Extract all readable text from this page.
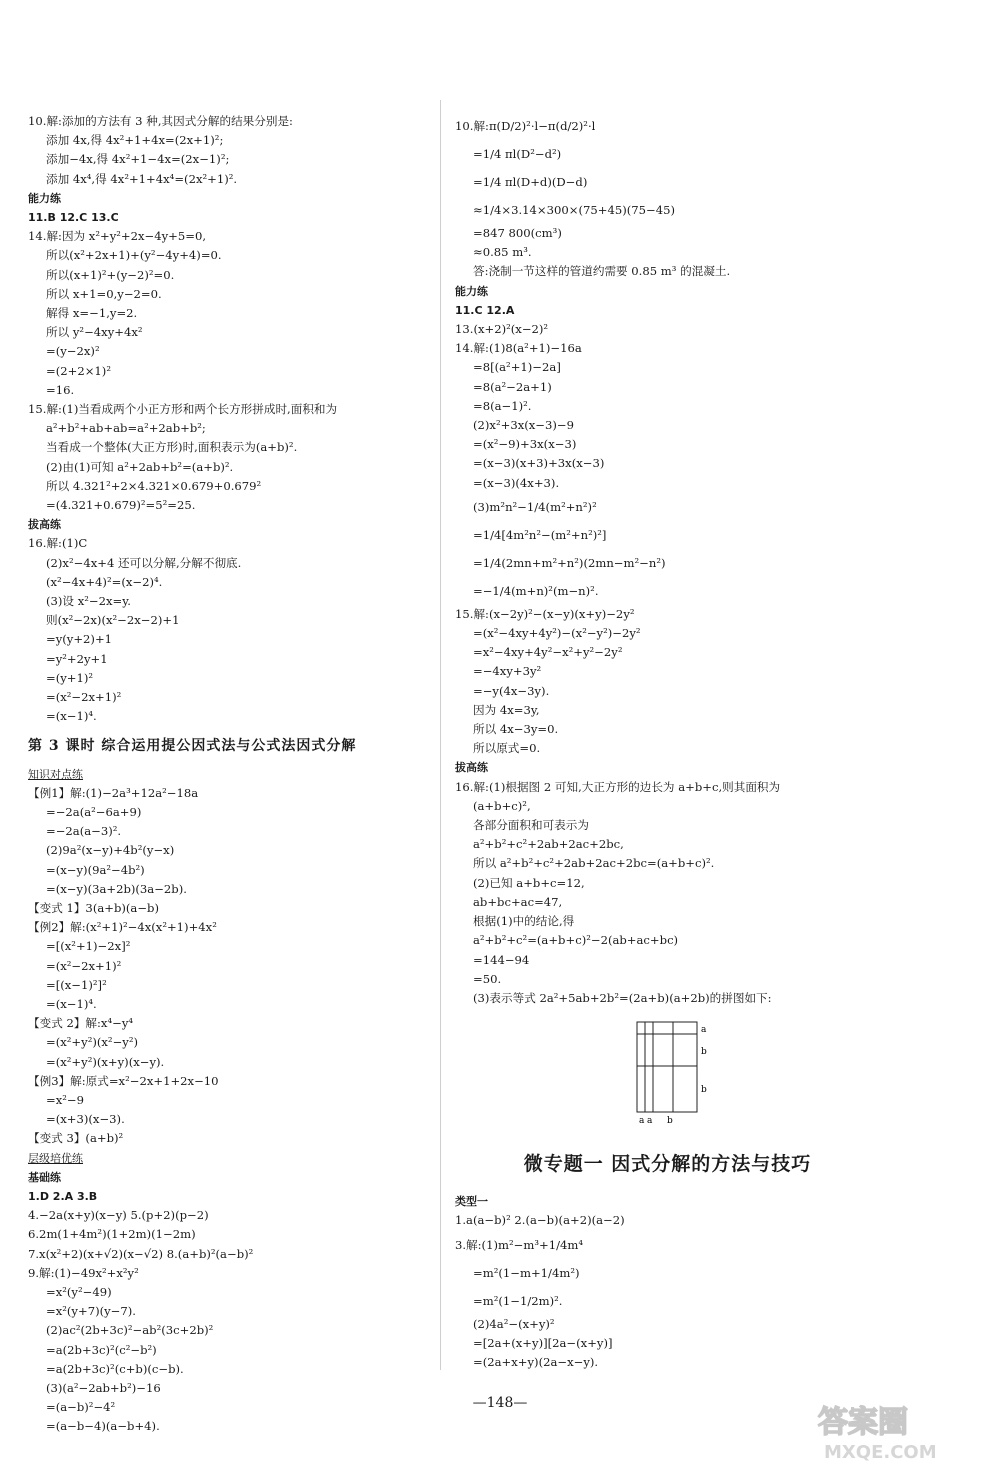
10.解:添加的方法有 3 种,其因式分解的结果分别是:
添加 4x,得 4x²+1+4x=(2x+1)²;
添加−4x,得 4x²+1−4x=(2x−1)²;
添加 4x⁴,得 4x²+1+4x⁴=(2x²+1)².
能力练
11.B 12.C 13.C
14.解:因为 x²+y²+2x−4y+5=0,
所以(x²+2x+1)+(y²−4y+4)=0.
所以(x+1)²+(y−2)²=0.
所以 x+1=0,y−2=0.
解得 x=−1,y=2.
所以 y²−4xy+4x²
=(y−2x)²
=(2+2×1)²
=16.
15.解:(1)当看成两个小正方形和两个长方形拼成时,面积和为
a²+b²+ab+ab=a²+2ab+b²;
当看成一个整体(大正方形)时,面积表示为(a+b)².
(2)由(1)可知 a²+2ab+b²=(a+b)².
所以 4.321²+2×4.321×0.679+0.679²
=(4.321+0.679)²=5²=25.
拔高练
16.解:(1)C
(2)x²−4x+4 还可以分解,分解不彻底.
(x²−4x+4)²=(x−2)⁴.
(3)设 x²−2x=y.
则(x²−2x)(x²−2x−2)+1
=y(y+2)+1
=y²+2y+1
=(y+1)²
=(x²−2x+1)²
=(x−1)⁴.
第 3 课时 综合运用提公因式法与公式法因式分解
知识对点练
【例1】解:(1)−2a³+12a²−18a
=−2a(a²−6a+9)
=−2a(a−3)².
(2)9a²(x−y)+4b²(y−x)
=(x−y)(9a²−4b²)
=(x−y)(3a+2b)(3a−2b).
【变式 1】3(a+b)(a−b)
【例2】解:(x²+1)²−4x(x²+1)+4x²
=[(x²+1)−2x]²
=(x²−2x+1)²
=[(x−1)²]²
=(x−1)⁴.
【变式 2】解:x⁴−y⁴
=(x²+y²)(x²−y²)
=(x²+y²)(x+y)(x−y).
【例3】解:原式=x²−2x+1+2x−10
=x²−9
=(x+3)(x−3).
【变式 3】(a+b)²
层级培优练
基础练
1.D 2.A 3.B
4.−2a(x+y)(x−y) 5.(p+2)(p−2)
6.2m(1+4m²)(1+2m)(1−2m)
7.x(x²+2)(x+√2)(x−√2) 8.(a+b)²(a−b)²
9.解:(1)−49x²+x²y²
=x²(y²−49)
=x²(y+7)(y−7).
(2)ac²(2b+3c)²−ab²(3c+2b)²
=a(2b+3c)²(c²−b²)
=a(2b+3c)²(c+b)(c−b).
(3)(a²−2ab+b²)−16
=(a−b)²−4²
=(a−b−4)(a−b+4).
10.解:π(D/2)²·l−π(d/2)²·l
=1/4 πl(D²−d²)
=1/4 πl(D+d)(D−d)
≈1/4×3.14×300×(75+45)(75−45)
=847 800(cm³)
≈0.85 m³.
答:浇制一节这样的管道约需要 0.85 m³ 的混凝土.
能力练
11.C 12.A
13.(x+2)²(x−2)²
14.解:(1)8(a²+1)−16a
=8[(a²+1)−2a]
=8(a²−2a+1)
=8(a−1)².
(2)x²+3x(x−3)−9
=(x²−9)+3x(x−3)
=(x−3)(x+3)+3x(x−3)
=(x−3)(4x+3).
(3)m²n²−1/4(m²+n²)²
=1/4[4m²n²−(m²+n²)²]
=1/4(2mn+m²+n²)(2mn−m²−n²)
=−1/4(m+n)²(m−n)².
15.解:(x−2y)²−(x−y)(x+y)−2y²
=(x²−4xy+4y²)−(x²−y²)−2y²
=x²−4xy+4y²−x²+y²−2y²
=−4xy+3y²
=−y(4x−3y).
因为 4x=3y,
所以 4x−3y=0.
所以原式=0.
拔高练
16.解:(1)根据图 2 可知,大正方形的边长为 a+b+c,则其面积为
(a+b+c)²,
各部分面积和可表示为
a²+b²+c²+2ab+2ac+2bc,
所以 a²+b²+c²+2ab+2ac+2bc=(a+b+c)².
(2)已知 a+b+c=12,
ab+bc+ac=47,
根据(1)中的结论,得
a²+b²+c²=(a+b+c)²−2(ab+ac+bc)
=144−94
=50.
(3)表示等式 2a²+5ab+2b²=(2a+b)(a+2b)的拼图如下:
a
b
b
a a b
微专题一 因式分解的方法与技巧
类型一
1.a(a−b)² 2.(a−b)(a+2)(a−2)
3.解:(1)m²−m³+1/4m⁴
=m²(1−m+1/4m²)
=m²(1−1/2m)².
(2)4a²−(x+y)²
=[2a+(x+y)][2a−(x+y)]
=(2a+x+y)(2a−x−y).
—148—
答案圈
MXQE.COM
